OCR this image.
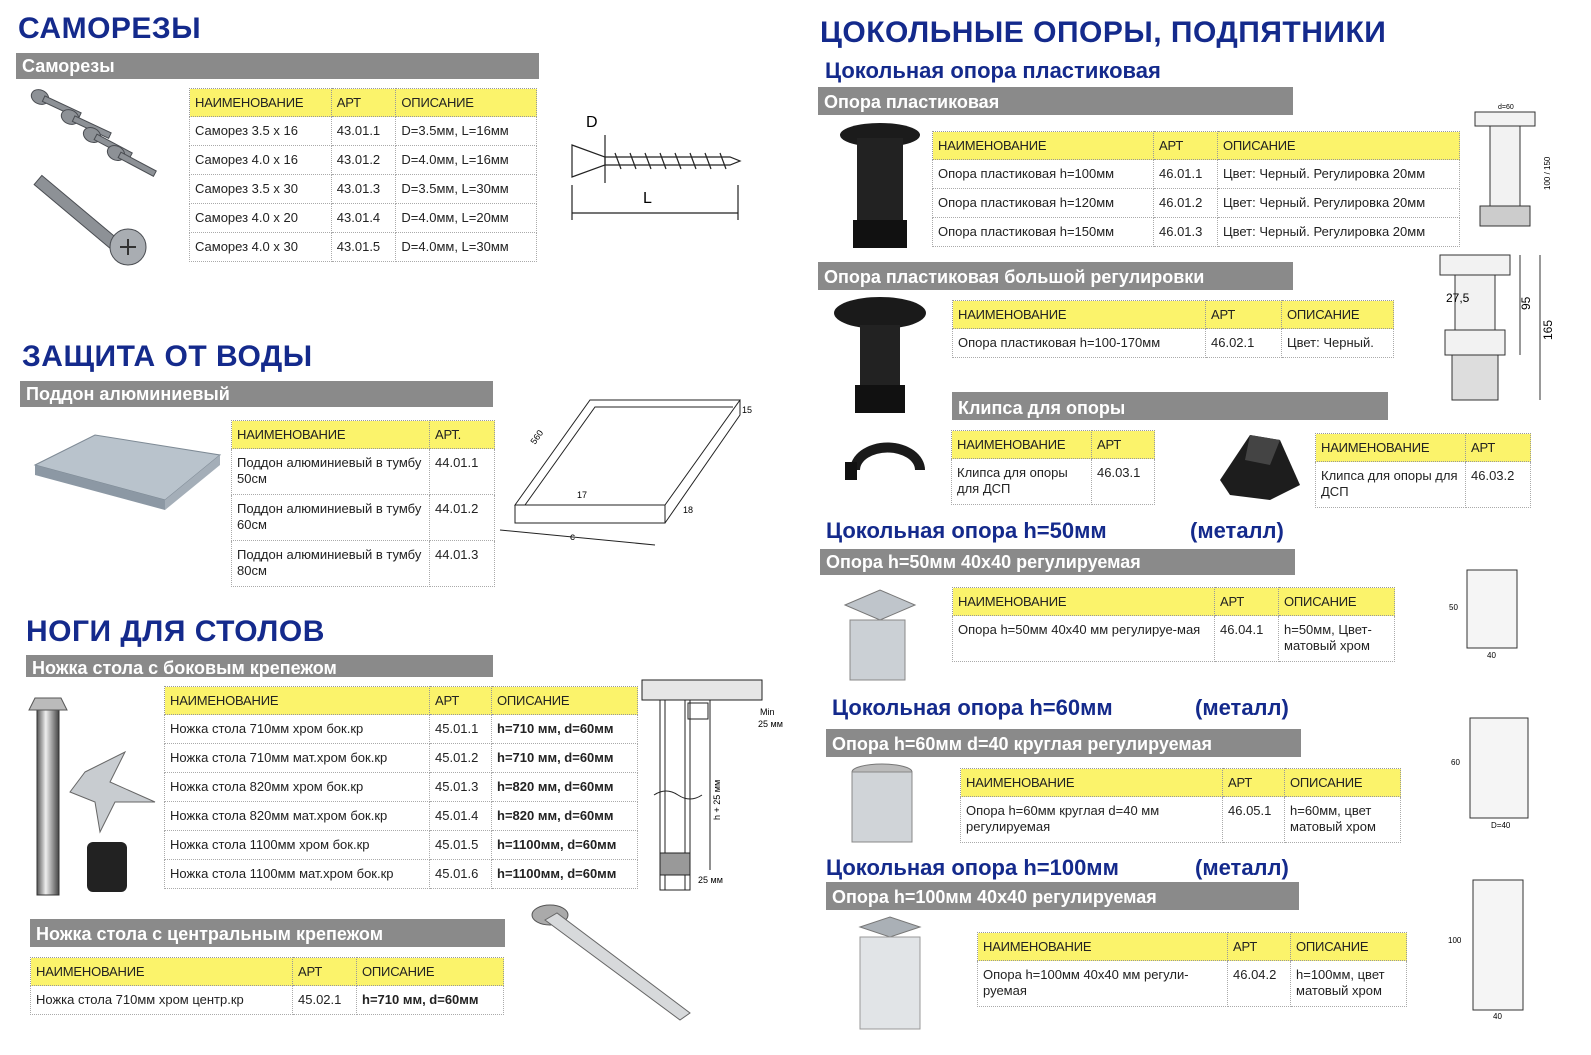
САМОРЕЗЫ
Саморезы
НАИМЕНОВАНИЕ	АРТ	ОПИСАНИЕ
Саморез 3.5 х 16	43.01.1	D=3.5мм, L=16мм
Саморез 4.0 х 16	43.01.2	D=4.0мм, L=16мм
Саморез 3.5 х 30	43.01.3	D=3.5мм, L=30мм
Саморез 4.0 х 20	43.01.4	D=4.0мм, L=20мм
Саморез 4.0 х 30	43.01.5	D=4.0мм, L=30мм
D
L
ЗАЩИТА ОТ ВОДЫ
Поддон алюминиевый
НАИМЕНОВАНИЕ	АРТ.
Поддон алюминиевый в тумбу 50см	44.01.1
Поддон алюминиевый в тумбу 60см	44.01.2
Поддон алюминиевый в тумбу 80см	44.01.3
560
15
17
c
18
НОГИ ДЛЯ СТОЛОВ
Ножка стола с боковым крепежом
НАИМЕНОВАНИЕ	АРТ	ОПИСАНИЕ
Ножка стола 710мм хром бок.кр	45.01.1	h=710 мм, d=60мм
Ножка стола 710мм мат.хром бок.кр	45.01.2	h=710 мм, d=60мм
Ножка стола 820мм хром бок.кр	45.01.3	h=820 мм, d=60мм
Ножка стола 820мм мат.хром бок.кр	45.01.4	h=820 мм, d=60мм
Ножка стола 1100мм хром бок.кр	45.01.5	h=1100мм, d=60мм
Ножка стола 1100мм мат.хром бок.кр	45.01.6	h=1100мм, d=60мм
Min
25 мм
h + 25 мм
25 мм
Ножка стола с центральным крепежом
НАИМЕНОВАНИЕ	АРТ	ОПИСАНИЕ
Ножка стола 710мм хром центр.кр	45.02.1	h=710 мм, d=60мм
ЦОКОЛЬНЫЕ ОПОРЫ, ПОДПЯТНИКИ
Цокольная опора пластиковая
Опора пластиковая
НАИМЕНОВАНИЕ	АРТ	ОПИСАНИЕ
Опора пластиковая h=100мм	46.01.1	Цвет: Черный. Регулировка 20мм
Опора пластиковая h=120мм	46.01.2	Цвет: Черный. Регулировка 20мм
Опора пластиковая h=150мм	46.01.3	Цвет: Черный. Регулировка 20мм
d=60
100 / 150
Опора пластиковая большой регулировки
НАИМЕНОВАНИЕ	АРТ	ОПИСАНИЕ
Опора пластиковая h=100-170мм	46.02.1	Цвет: Черный.
27,5	95
165
Клипса для опоры
НАИМЕНОВАНИЕ	АРТ
Клипса для опоры для ДСП	46.03.1
НАИМЕНОВАНИЕ	АРТ
Клипса для опоры для ДСП	46.03.2
Цокольная опора h=50мм	(металл)
Опора h=50мм 40х40 регулируемая
НАИМЕНОВАНИЕ	АРТ	ОПИСАНИЕ
Опора h=50мм 40х40 мм регулируе-мая	46.04.1	h=50мм, Цвет-матовый хром
50
40
Цокольная опора h=60мм	(металл)
Опора h=60мм d=40 круглая регулируемая
НАИМЕНОВАНИЕ	АРТ	ОПИСАНИЕ
Опора h=60мм круглая d=40 мм регулируемая	46.05.1	h=60мм, цвет матовый хром
60
D=40
Цокольная опора h=100мм	(металл)
Опора h=100мм 40х40 регулируемая
НАИМЕНОВАНИЕ	АРТ	ОПИСАНИЕ
Опора h=100мм 40х40 мм регули-руемая	46.04.2	h=100мм, цвет матовый хром
100
40
